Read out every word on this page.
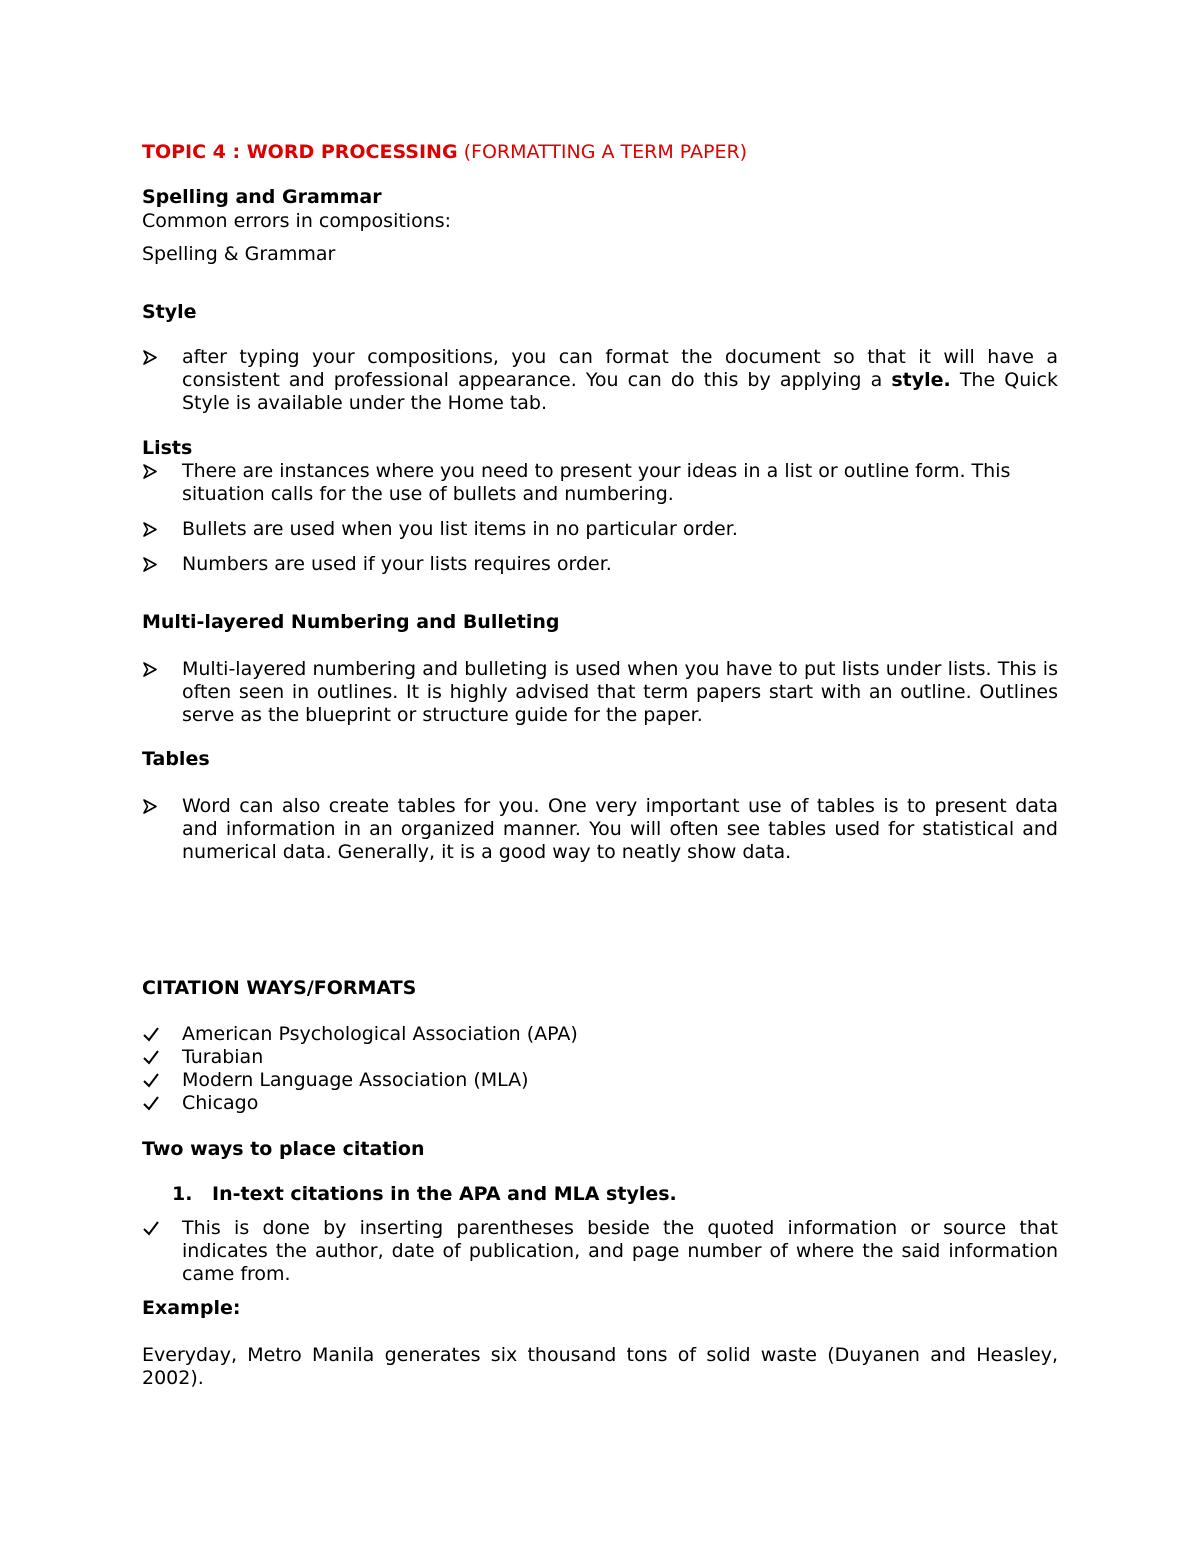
TOPIC 4 : WORD PROCESSING (FORMATTING A TERM PAPER)
Spelling and Grammar
Common errors in compositions:
Spelling & Grammar
Style
after typing your compositions, you can format the document so that it will have a consistent and professional appearance. You can do this by applying a style. The Quick Style is available under the Home tab.
Lists
There are instances where you need to present your ideas in a list or outline form. This situation calls for the use of bullets and numbering.
Bullets are used when you list items in no particular order.
Numbers are used if your lists requires order.
Multi-layered Numbering and Bulleting
Multi-layered numbering and bulleting is used when you have to put lists under lists. This is often seen in outlines. It is highly advised that term papers start with an outline. Outlines serve as the blueprint or structure guide for the paper.
Tables
Word can also create tables for you. One very important use of tables is to present data and information in an organized manner. You will often see tables used for statistical and numerical data. Generally, it is a good way to neatly show data.
CITATION WAYS/FORMATS
American Psychological Association (APA)
Turabian
Modern Language Association (MLA)
Chicago
Two ways to place citation
1. In-text citations in the APA and MLA styles.
This is done by inserting parentheses beside the quoted information or source that indicates the author, date of publication, and page number of where the said information came from.
Example:
Everyday, Metro Manila generates six thousand tons of solid waste (Duyanen and Heasley, 2002).
